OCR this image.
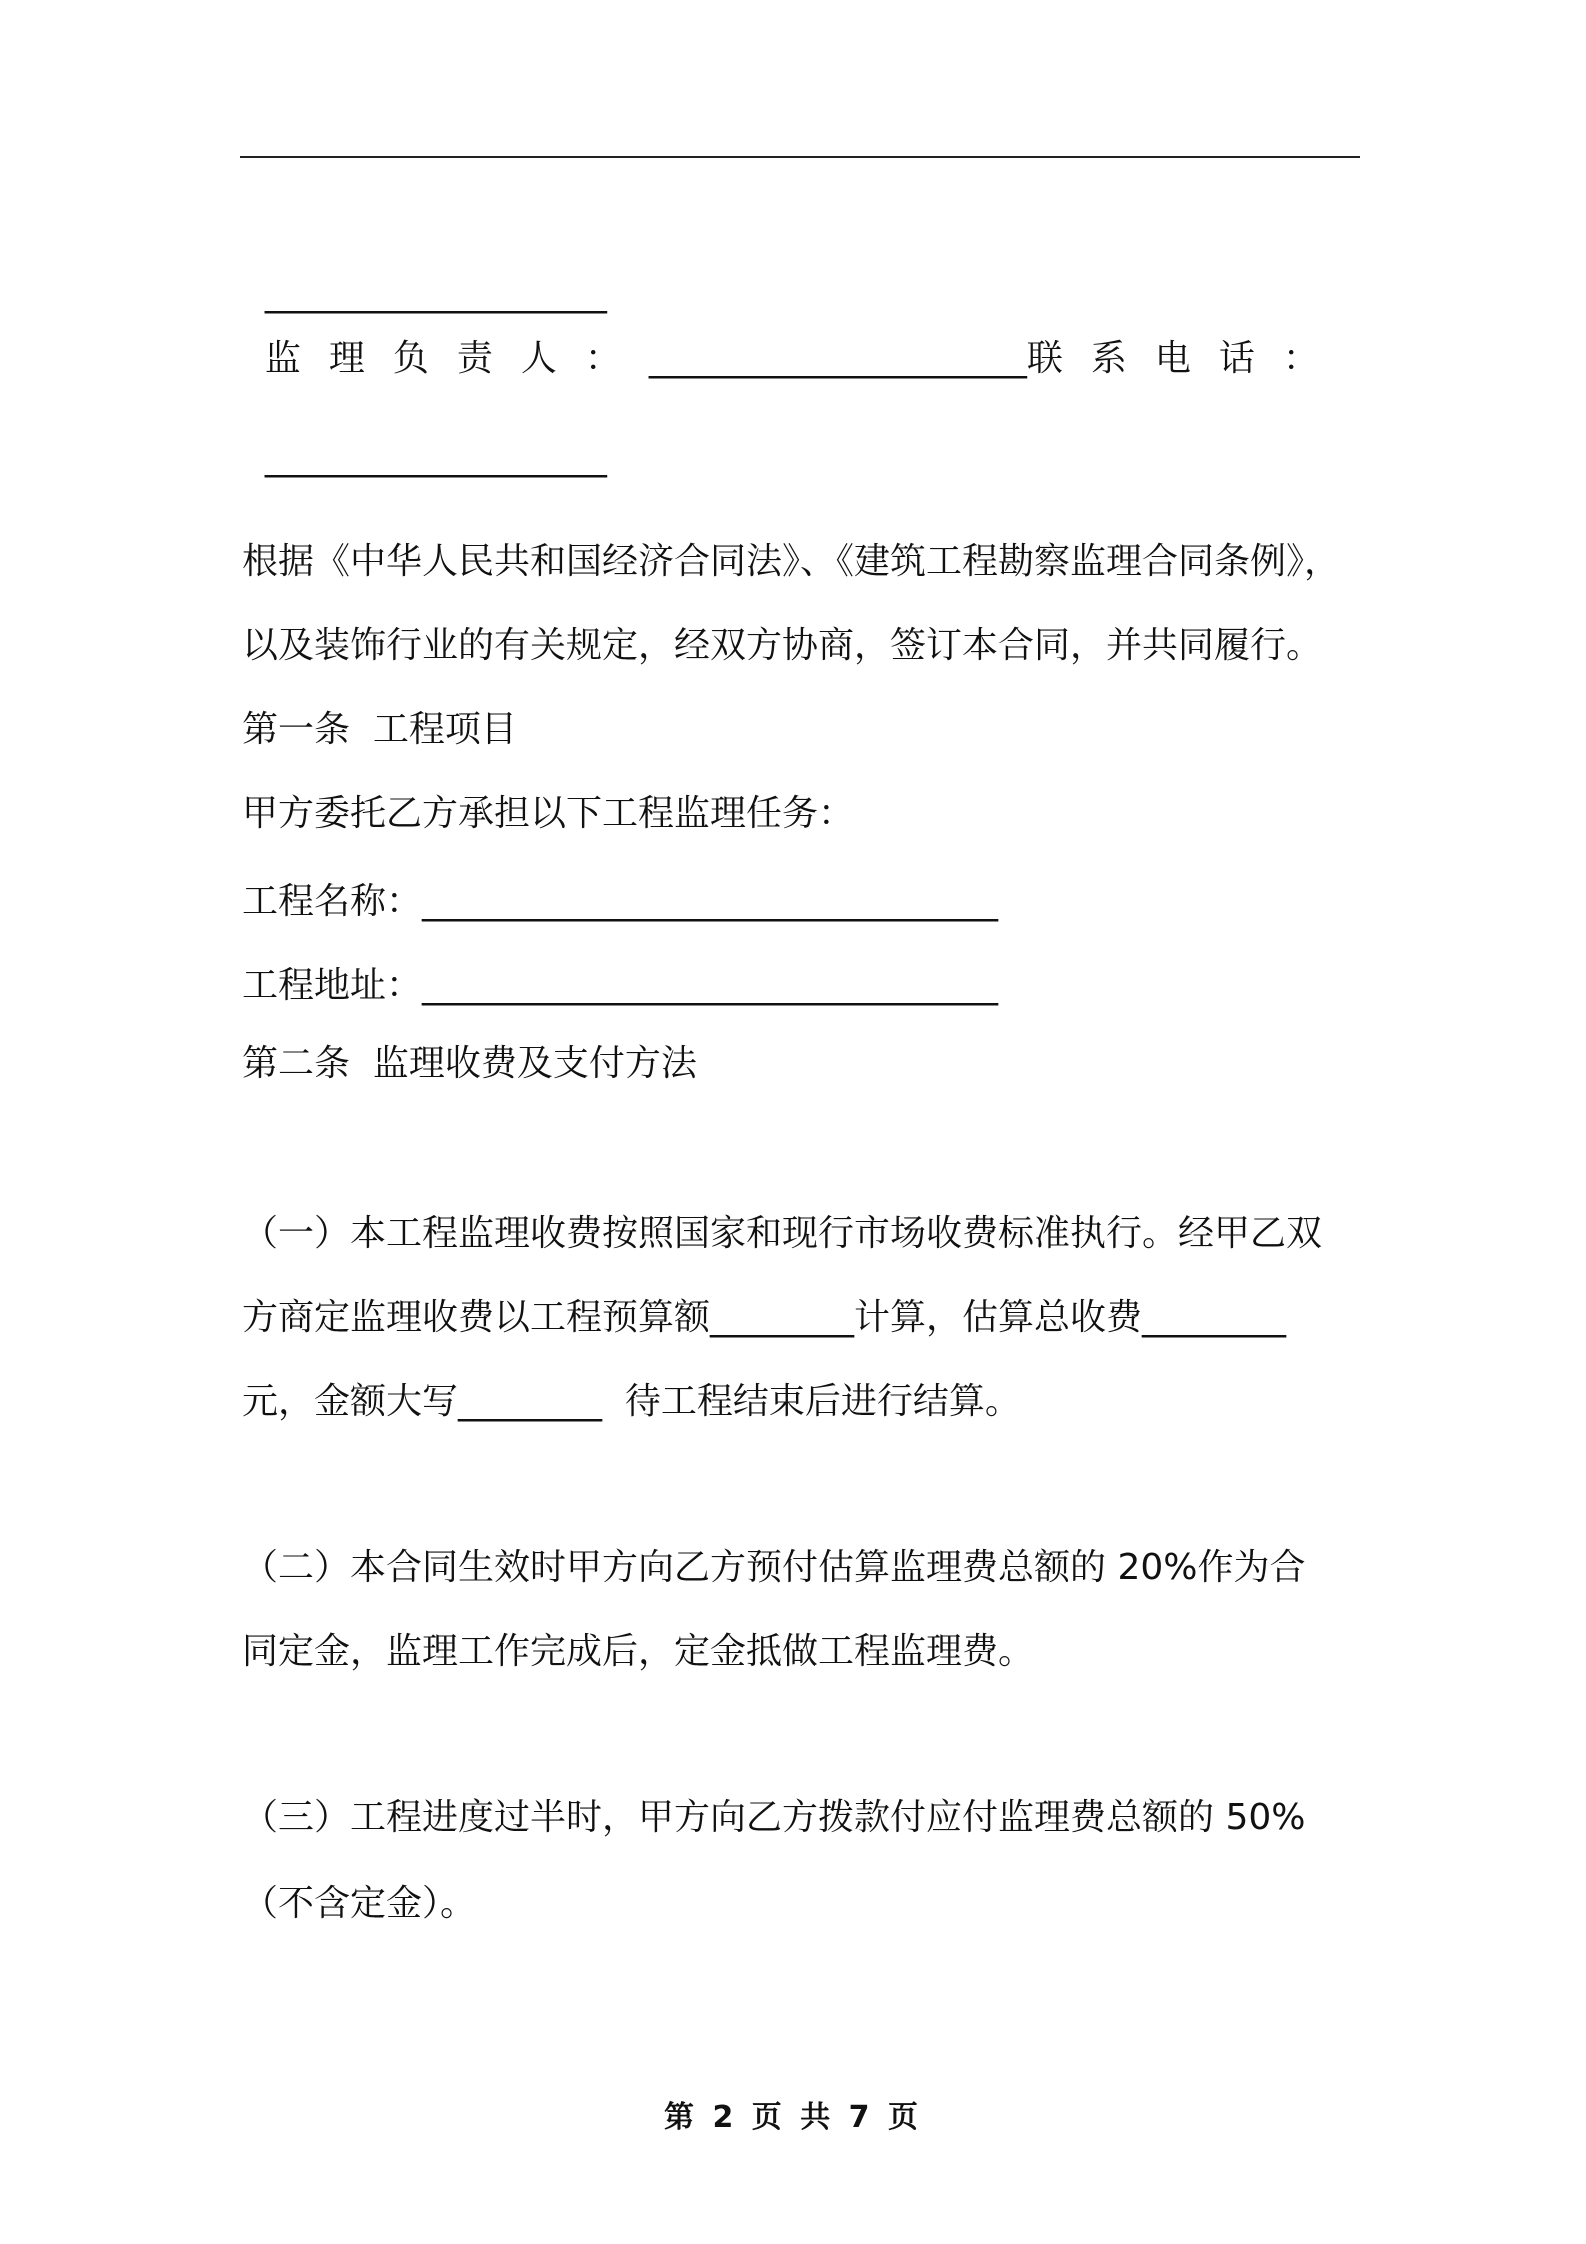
___________________

监理负责人：_____________________联系电话：

___________________

根据《中华人民共和国经济合同法》、《建筑工程勘察监理合同条例》，
以及装饰行业的有关规定，经双方协商，签订本合同，并共同履行。
第一条  工程项目
甲方委托乙方承担以下工程监理任务：
工程名称：________________________________
工程地址：________________________________
第二条  监理收费及支付方法
（一）本工程监理收费按照国家和现行市场收费标准执行。经甲乙双
方商定监理收费以工程预算额________计算，估算总收费________
元，金额大写________  待工程结束后进行结算。
（二）本合同生效时甲方向乙方预付估算监理费总额的 20%作为合
同定金，监理工作完成后，定金抵做工程监理费。
（三）工程进度过半时，甲方向乙方拨款付应付监理费总额的 50%
（不含定金）。
第 2 页 共 7 页
